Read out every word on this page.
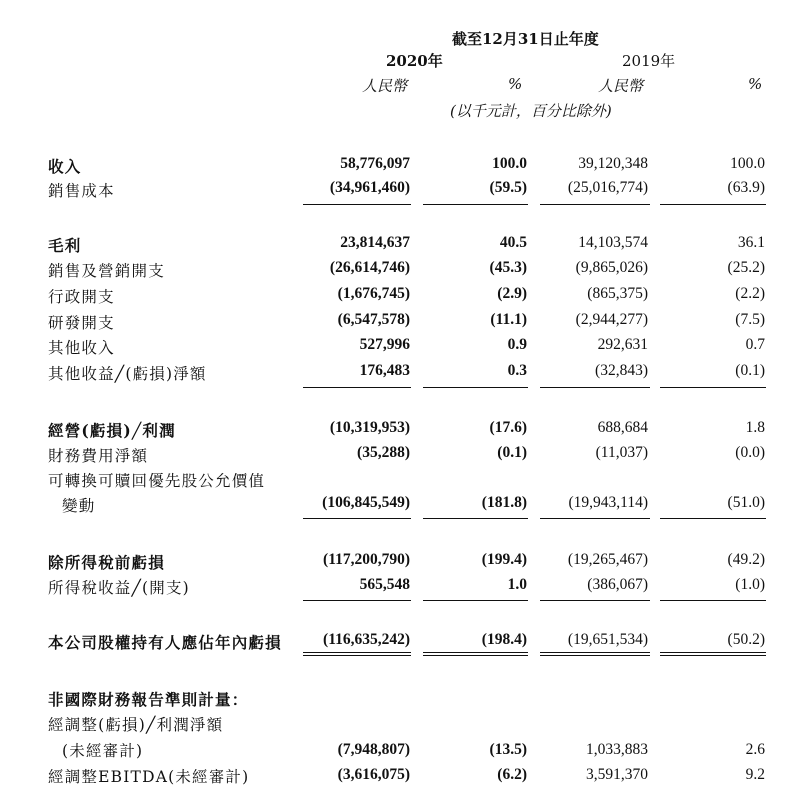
截至12月31日止年度
2020年	2019年
人民幣	%	人民幣	%
(以千元計，百分比除外)
收入	58,776,097	100.0	39,120,348	100.0
銷售成本	(34,961,460)	(59.5)	(25,016,774)	(63.9)
毛利	23,814,637	40.5	14,103,574	36.1
銷售及營銷開支	(26,614,746)	(45.3)	(9,865,026)	(25.2)
行政開支	(1,676,745)	(2.9)	(865,375)	(2.2)
研發開支	(6,547,578)	(11.1)	(2,944,277)	(7.5)
其他收入	527,996	0.9	292,631	0.7
其他收益╱(虧損)淨額	176,483	0.3	(32,843)	(0.1)
經營(虧損)╱利潤	(10,319,953)	(17.6)	688,684	1.8
財務費用淨額	(35,288)	(0.1)	(11,037)	(0.0)
可轉換可贖回優先股公允價值
變動	(106,845,549)	(181.8)	(19,943,114)	(51.0)
除所得稅前虧損	(117,200,790)	(199.4)	(19,265,467)	(49.2)
所得稅收益╱(開支)	565,548	1.0	(386,067)	(1.0)
本公司股權持有人應佔年內虧損	(116,635,242)	(198.4)	(19,651,534)	(50.2)
非國際財務報告準則計量：
經調整(虧損)╱利潤淨額
(未經審計)	(7,948,807)	(13.5)	1,033,883	2.6
經調整EBITDA(未經審計)	(3,616,075)	(6.2)	3,591,370	9.2
